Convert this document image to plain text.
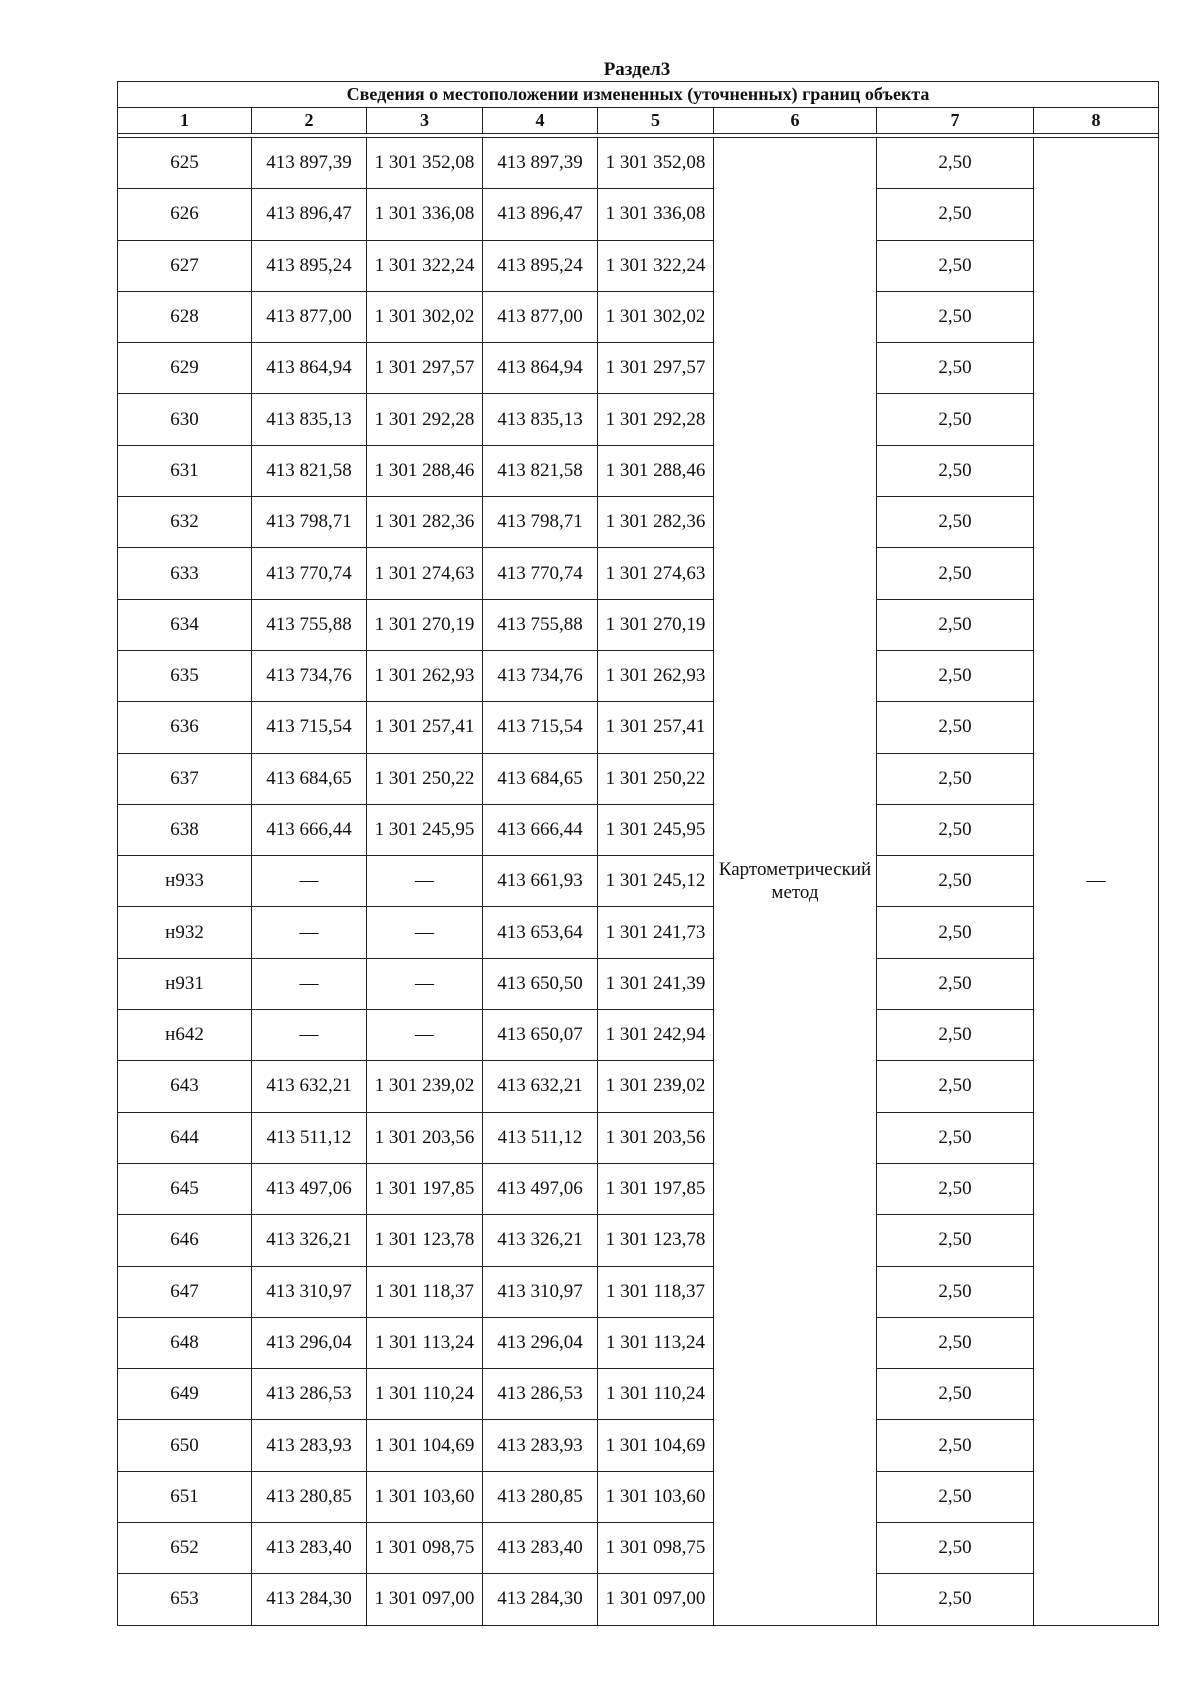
Раздел3
Сведения о местоположении измененных (уточненных) границ объекта							
1	2	3	4	5	6	7	8

625	413 897,39	1 301 352,08	413 897,39	1 301 352,08	Картометрический метод	2,50	—
626	413 896,47	1 301 336,08	413 896,47	1 301 336,08		2,50	
627	413 895,24	1 301 322,24	413 895,24	1 301 322,24		2,50	
628	413 877,00	1 301 302,02	413 877,00	1 301 302,02		2,50	
629	413 864,94	1 301 297,57	413 864,94	1 301 297,57		2,50	
630	413 835,13	1 301 292,28	413 835,13	1 301 292,28		2,50	
631	413 821,58	1 301 288,46	413 821,58	1 301 288,46		2,50	
632	413 798,71	1 301 282,36	413 798,71	1 301 282,36		2,50	
633	413 770,74	1 301 274,63	413 770,74	1 301 274,63		2,50	
634	413 755,88	1 301 270,19	413 755,88	1 301 270,19		2,50	
635	413 734,76	1 301 262,93	413 734,76	1 301 262,93		2,50	
636	413 715,54	1 301 257,41	413 715,54	1 301 257,41		2,50	
637	413 684,65	1 301 250,22	413 684,65	1 301 250,22		2,50	
638	413 666,44	1 301 245,95	413 666,44	1 301 245,95		2,50	
н933	—	—	413 661,93	1 301 245,12		2,50	
н932	—	—	413 653,64	1 301 241,73		2,50	
н931	—	—	413 650,50	1 301 241,39		2,50	
н642	—	—	413 650,07	1 301 242,94		2,50	
643	413 632,21	1 301 239,02	413 632,21	1 301 239,02		2,50	
644	413 511,12	1 301 203,56	413 511,12	1 301 203,56		2,50	
645	413 497,06	1 301 197,85	413 497,06	1 301 197,85		2,50	
646	413 326,21	1 301 123,78	413 326,21	1 301 123,78		2,50	
647	413 310,97	1 301 118,37	413 310,97	1 301 118,37		2,50	
648	413 296,04	1 301 113,24	413 296,04	1 301 113,24		2,50	
649	413 286,53	1 301 110,24	413 286,53	1 301 110,24		2,50	
650	413 283,93	1 301 104,69	413 283,93	1 301 104,69		2,50	
651	413 280,85	1 301 103,60	413 280,85	1 301 103,60		2,50	
652	413 283,40	1 301 098,75	413 283,40	1 301 098,75		2,50	
653	413 284,30	1 301 097,00	413 284,30	1 301 097,00		2,50	
